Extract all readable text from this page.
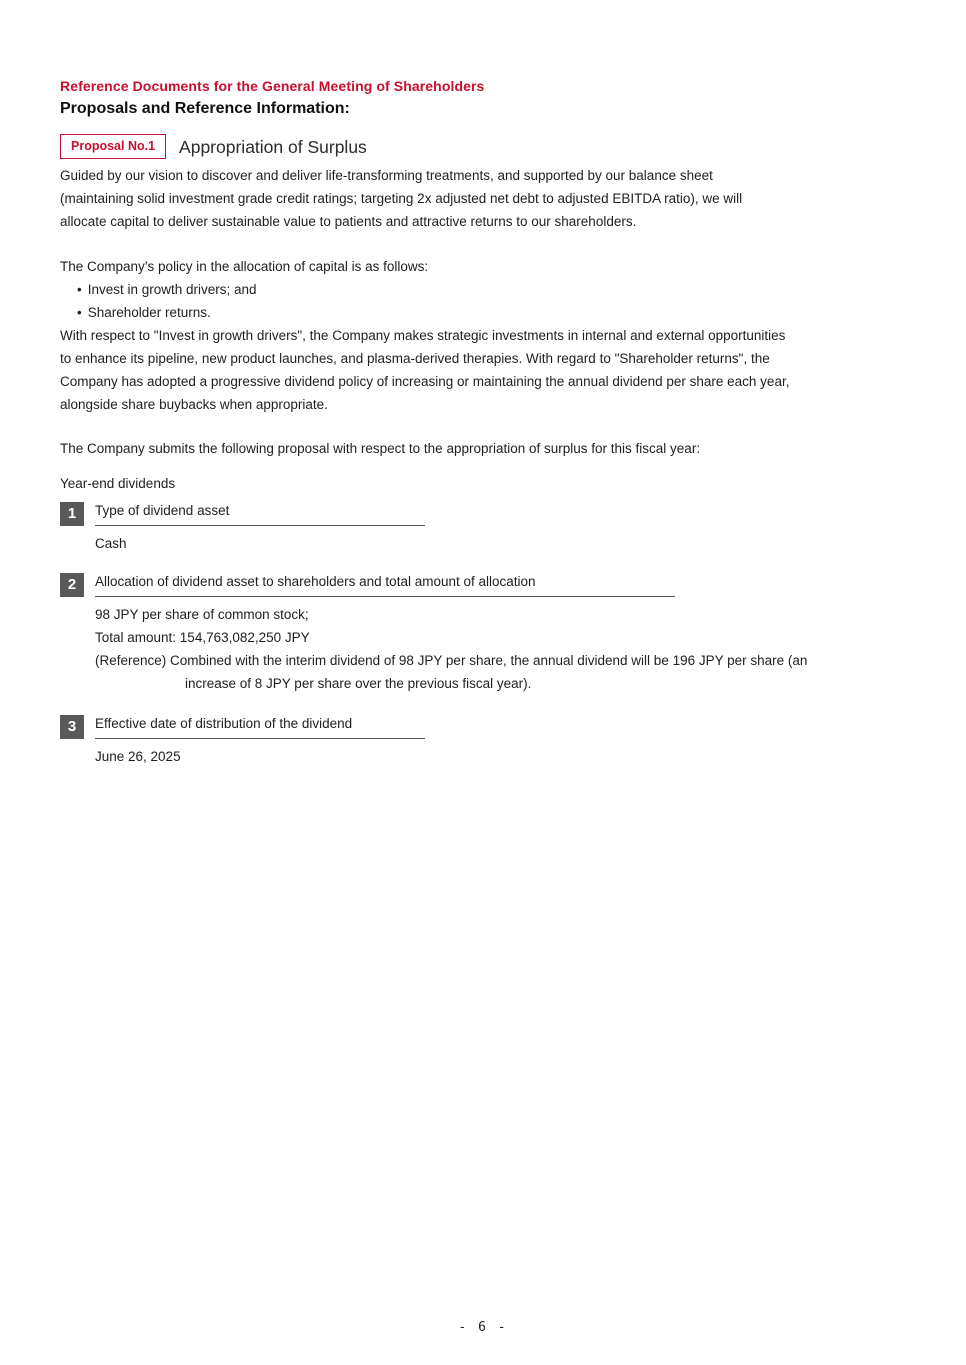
Reference Documents for the General Meeting of Shareholders
Proposals and Reference Information:
Proposal No.1	Appropriation of Surplus
Guided by our vision to discover and deliver life-transforming treatments, and supported by our balance sheet
(maintaining solid investment grade credit ratings; targeting 2x adjusted net debt to adjusted EBITDA ratio), we will
allocate capital to deliver sustainable value to patients and attractive returns to our shareholders.
The Company’s policy in the allocation of capital is as follows:
• Invest in growth drivers; and
• Shareholder returns.
With respect to "Invest in growth drivers", the Company makes strategic investments in internal and external opportunities
to enhance its pipeline, new product launches, and plasma-derived therapies. With regard to "Shareholder returns", the
Company has adopted a progressive dividend policy of increasing or maintaining the annual dividend per share each year,
alongside share buybacks when appropriate.
The Company submits the following proposal with respect to the appropriation of surplus for this fiscal year:
Year-end dividends
1	Type of dividend asset
Cash
2	Allocation of dividend asset to shareholders and total amount of allocation
98 JPY per share of common stock;
Total amount: 154,763,082,250 JPY
(Reference) Combined with the interim dividend of 98 JPY per share, the annual dividend will be 196 JPY per share (an
increase of 8 JPY per share over the previous fiscal year).
3	Effective date of distribution of the dividend
June 26, 2025
- 6 -
